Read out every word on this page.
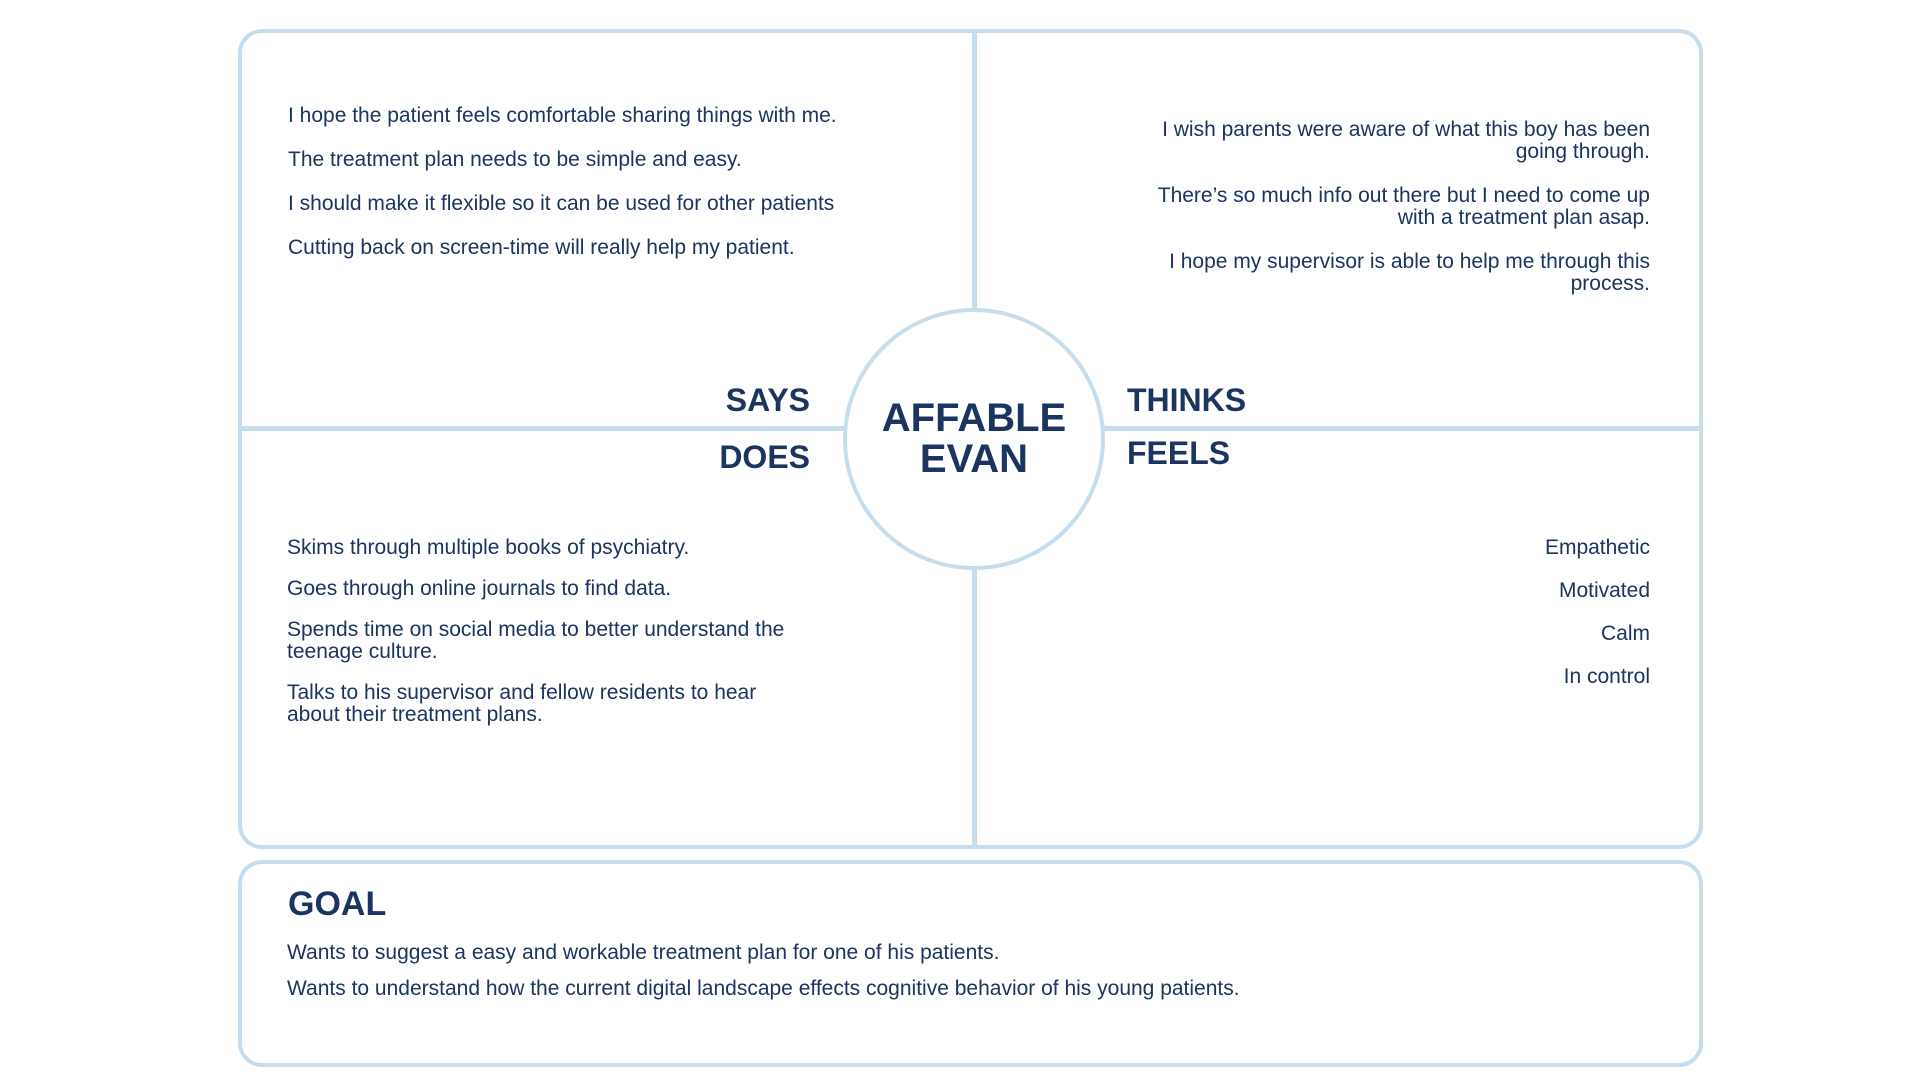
AFFABLE
EVAN
SAYS
DOES
THINKS
FEELS
I hope the patient feels comfortable sharing things with me.
The treatment plan needs to be simple and easy.
I should make it flexible so it can be used for other patients
Cutting back on screen-time will really help my patient.
I wish parents were aware of what this boy has been going through.
There’s so much info out there but I need to come up with a treatment plan asap.
I hope my supervisor is able to help me through this process.
Skims through multiple books of psychiatry.
Goes through online journals to find data.
Spends time on social media to better understand the teenage culture.
Talks to his supervisor and fellow residents to hear about their treatment plans.
Empathetic
Motivated
Calm
In control
GOAL
Wants to suggest a easy and workable treatment plan for one of his patients.
Wants to understand how the current digital landscape effects cognitive behavior of his young patients.
